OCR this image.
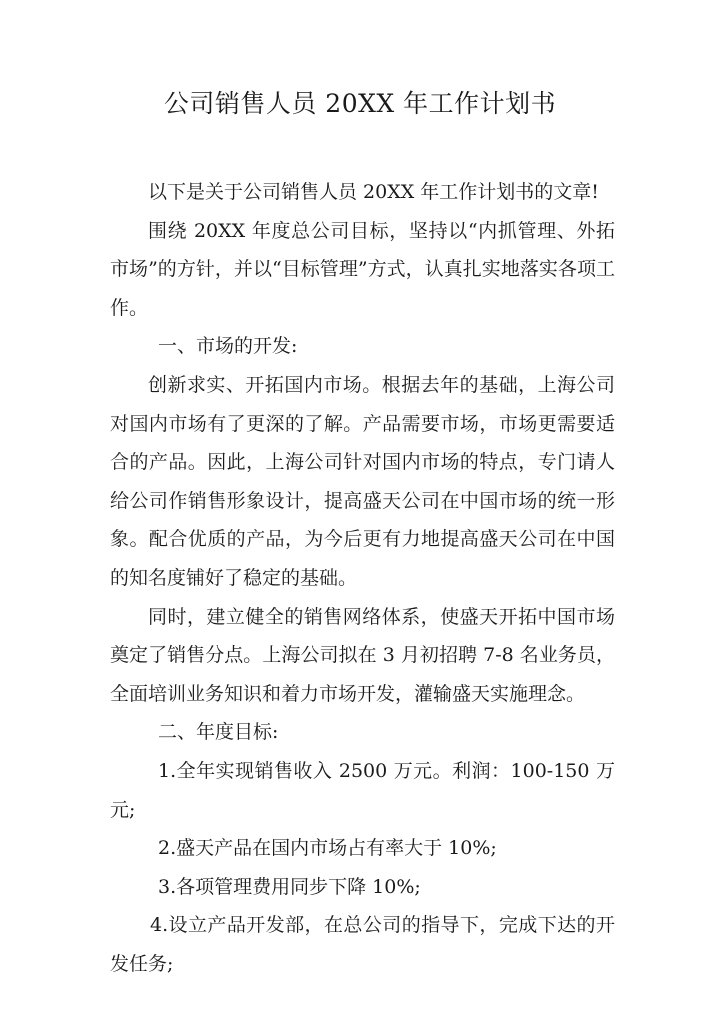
公司销售人员 20XX 年工作计划书

以下是关于公司销售人员 20XX 年工作计划书的文章!

围绕 20XX 年度总公司目标，坚持以“内抓管理、外拓市场”的方针，并以“目标管理”方式，认真扎实地落实各项工作。

一、市场的开发:

创新求实、开拓国内市场。根据去年的基础，上海公司对国内市场有了更深的了解。产品需要市场，市场更需要适合的产品。因此，上海公司针对国内市场的特点，专门请人给公司作销售形象设计，提高盛天公司在中国市场的统一形象。配合优质的产品，为今后更有力地提高盛天公司在中国的知名度铺好了稳定的基础。

同时，建立健全的销售网络体系，使盛天开拓中国市场奠定了销售分点。上海公司拟在 3 月初招聘 7-8 名业务员，全面培训业务知识和着力市场开发，灌输盛天实施理念。

二、年度目标:

1.全年实现销售收入 2500 万元。利润：100-150 万元;

2.盛天产品在国内市场占有率大于 10%;

3.各项管理费用同步下降 10%;

4.设立产品开发部，在总公司的指导下，完成下达的开发任务;
